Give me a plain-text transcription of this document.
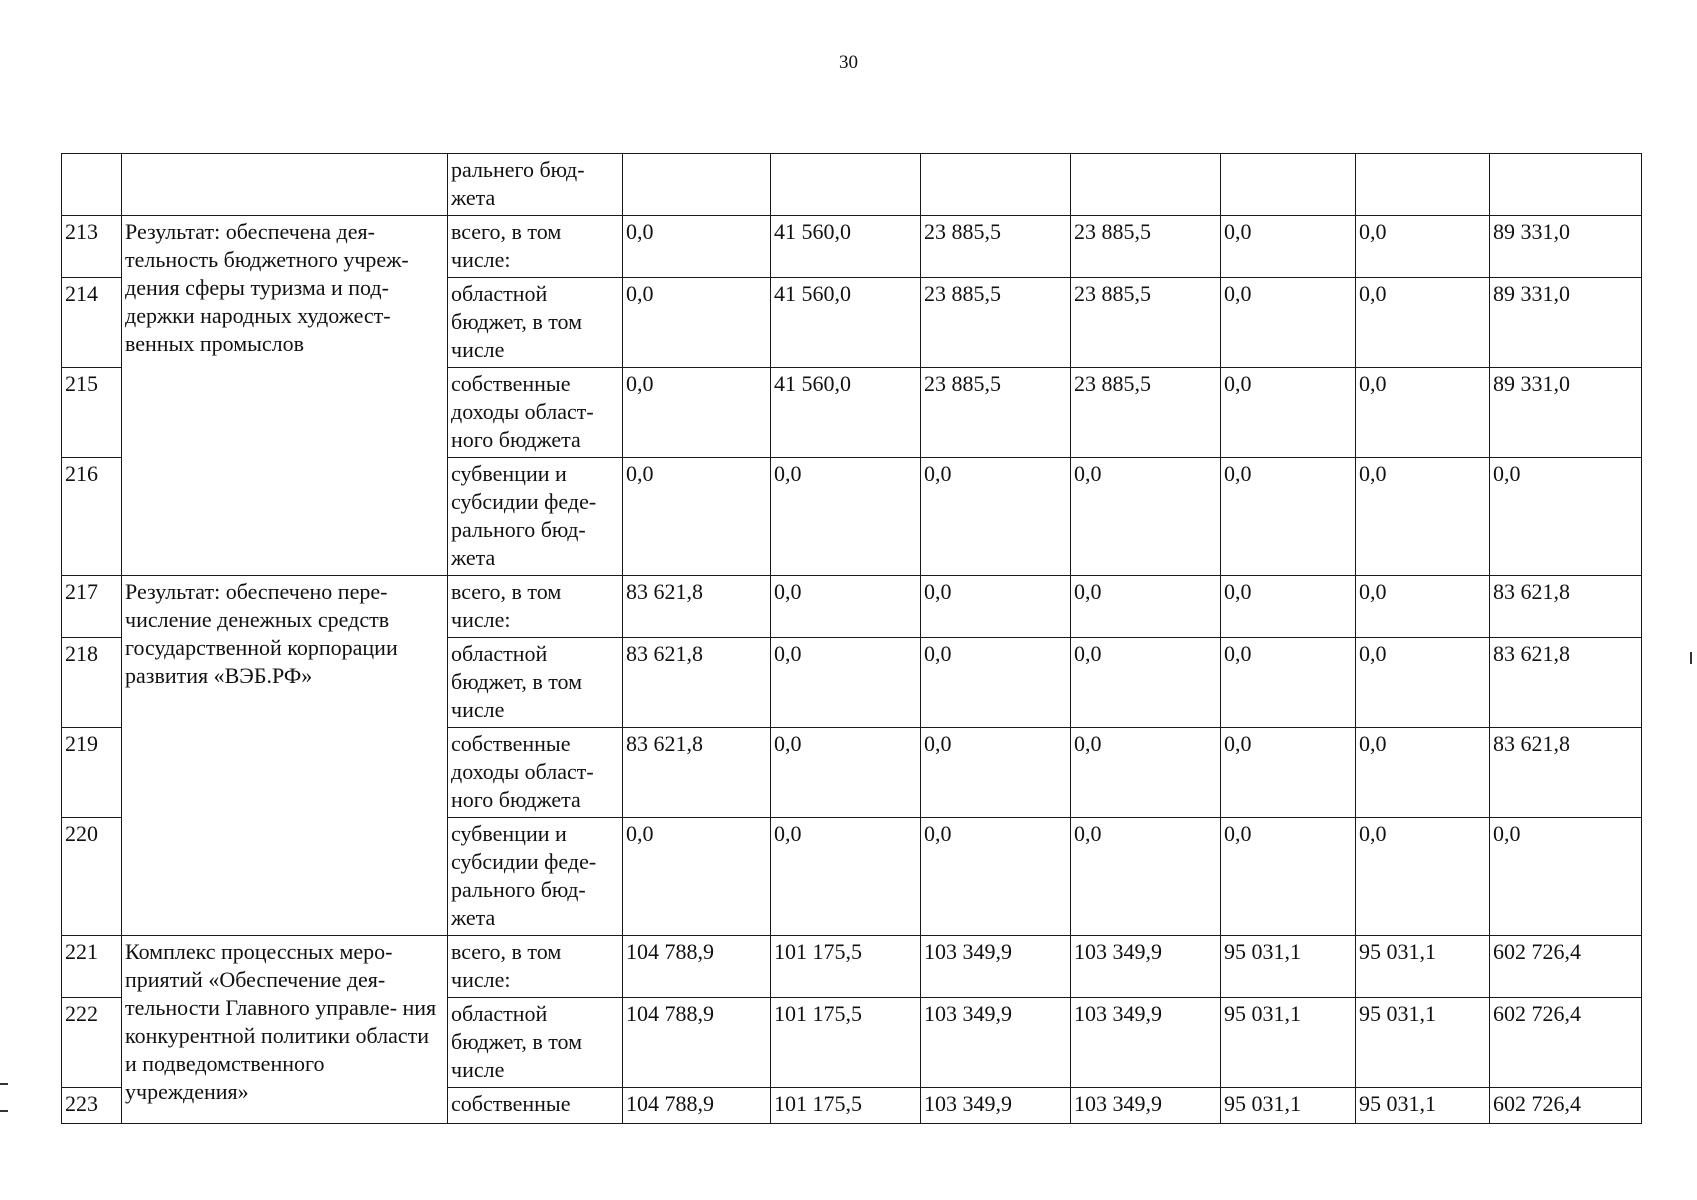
30
		ральнего бюд- жета							
213	Результат: обеспечена дея- тельность бюджетного учреж- дения сферы туризма и под- держки народных художест- венных промыслов	всего, в том числе:	0,0	41 560,0	23 885,5	23 885,5	0,0	0,0	89 331,0
214		областной бюджет, в том числе	0,0	41 560,0	23 885,5	23 885,5	0,0	0,0	89 331,0
215		собственные доходы област- ного бюджета	0,0	41 560,0	23 885,5	23 885,5	0,0	0,0	89 331,0
216		субвенции и субсидии феде- рального бюд- жета	0,0	0,0	0,0	0,0	0,0	0,0	0,0
217	Результат: обеспечено пере- числение денежных средств государственной корпорации развития «ВЭБ.РФ»	всего, в том числе:	83 621,8	0,0	0,0	0,0	0,0	0,0	83 621,8
218		областной бюджет, в том числе	83 621,8	0,0	0,0	0,0	0,0	0,0	83 621,8
219		собственные доходы област- ного бюджета	83 621,8	0,0	0,0	0,0	0,0	0,0	83 621,8
220		субвенции и субсидии феде- рального бюд- жета	0,0	0,0	0,0	0,0	0,0	0,0	0,0
221	Комплекс процессных меро- приятий «Обеспечение дея- тельности Главного управле- ния конкурентной политики области и подведомственного учреждения»	всего, в том числе:	104 788,9	101 175,5	103 349,9	103 349,9	95 031,1	95 031,1	602 726,4
222		областной бюджет, в том числе	104 788,9	101 175,5	103 349,9	103 349,9	95 031,1	95 031,1	602 726,4
223		собственные	104 788,9	101 175,5	103 349,9	103 349,9	95 031,1	95 031,1	602 726,4
